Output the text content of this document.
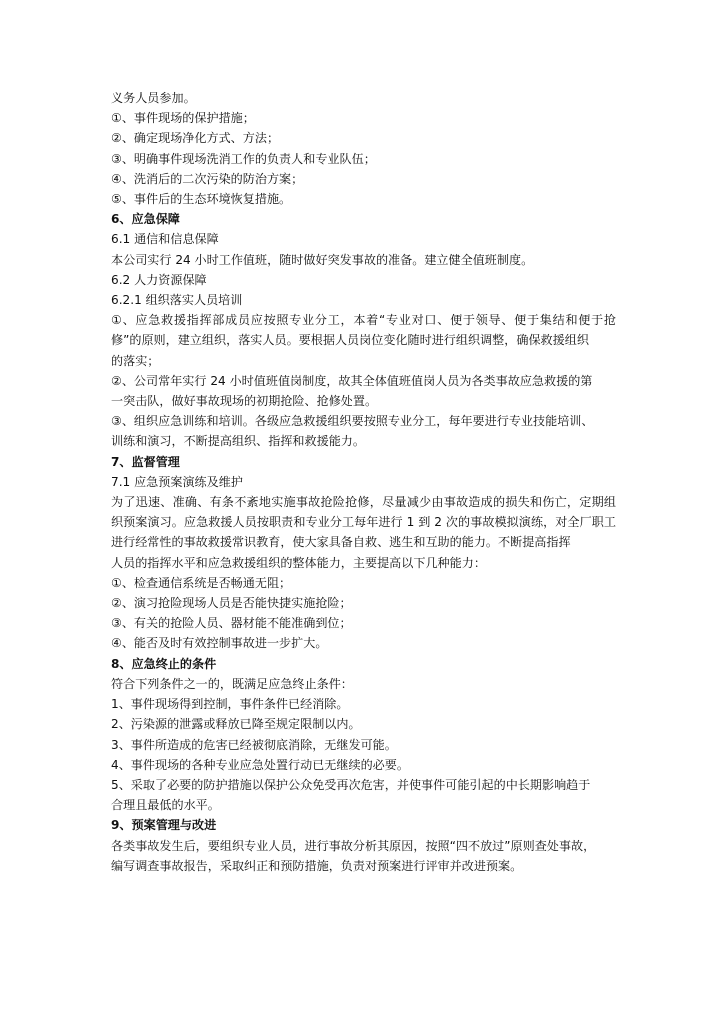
义务人员参加。
①、事件现场的保护措施；
②、确定现场净化方式、方法；
③、明确事件现场洗消工作的负责人和专业队伍；
④、洗消后的二次污染的防治方案；
⑤、事件后的生态环境恢复措施。
6、应急保障
6.1 通信和信息保障
本公司实行 24 小时工作值班，随时做好突发事故的准备。建立健全值班制度。
6.2 人力资源保障
6.2.1 组织落实人员培训
①、应急救援指挥部成员应按照专业分工，本着“专业对口、便于领导、便于集结和便于抢修”的原则，建立组织，落实人员。要根据人员岗位变化随时进行组织调整，确保救援组织
的落实；
②、公司常年实行 24 小时值班值岗制度，故其全体值班值岗人员为各类事故应急救援的第
一突击队，做好事故现场的初期抢险、抢修处置。
③、组织应急训练和培训。各级应急救援组织要按照专业分工，每年要进行专业技能培训、
训练和演习，不断提高组织、指挥和救援能力。
7、监督管理
7.1 应急预案演练及维护
为了迅速、准确、有条不紊地实施事故抢险抢修，尽量减少由事故造成的损失和伤亡，定期组织预案演习。应急救援人员按职责和专业分工每年进行 1 到 2 次的事故模拟演练，对全厂职工进行经常性的事故救援常识教育，使大家具备自救、逃生和互助的能力。不断提高指挥
人员的指挥水平和应急救援组织的整体能力，主要提高以下几种能力：
①、检查通信系统是否畅通无阻；
②、演习抢险现场人员是否能快捷实施抢险；
③、有关的抢险人员、器材能不能准确到位；
④、能否及时有效控制事故进一步扩大。
8、应急终止的条件
符合下列条件之一的，既满足应急终止条件：
1、事件现场得到控制，事件条件已经消除。
2、污染源的泄露或释放已降至规定限制以内。
3、事件所造成的危害已经被彻底消除，无继发可能。
4、事件现场的各种专业应急处置行动已无继续的必要。
5、采取了必要的防护措施以保护公众免受再次危害，并使事件可能引起的中长期影响趋于
合理且最低的水平。
9、预案管理与改进
各类事故发生后，要组织专业人员，进行事故分析其原因，按照“四不放过”原则查处事故，
编写调查事故报告，采取纠正和预防措施，负责对预案进行评审并改进预案。
